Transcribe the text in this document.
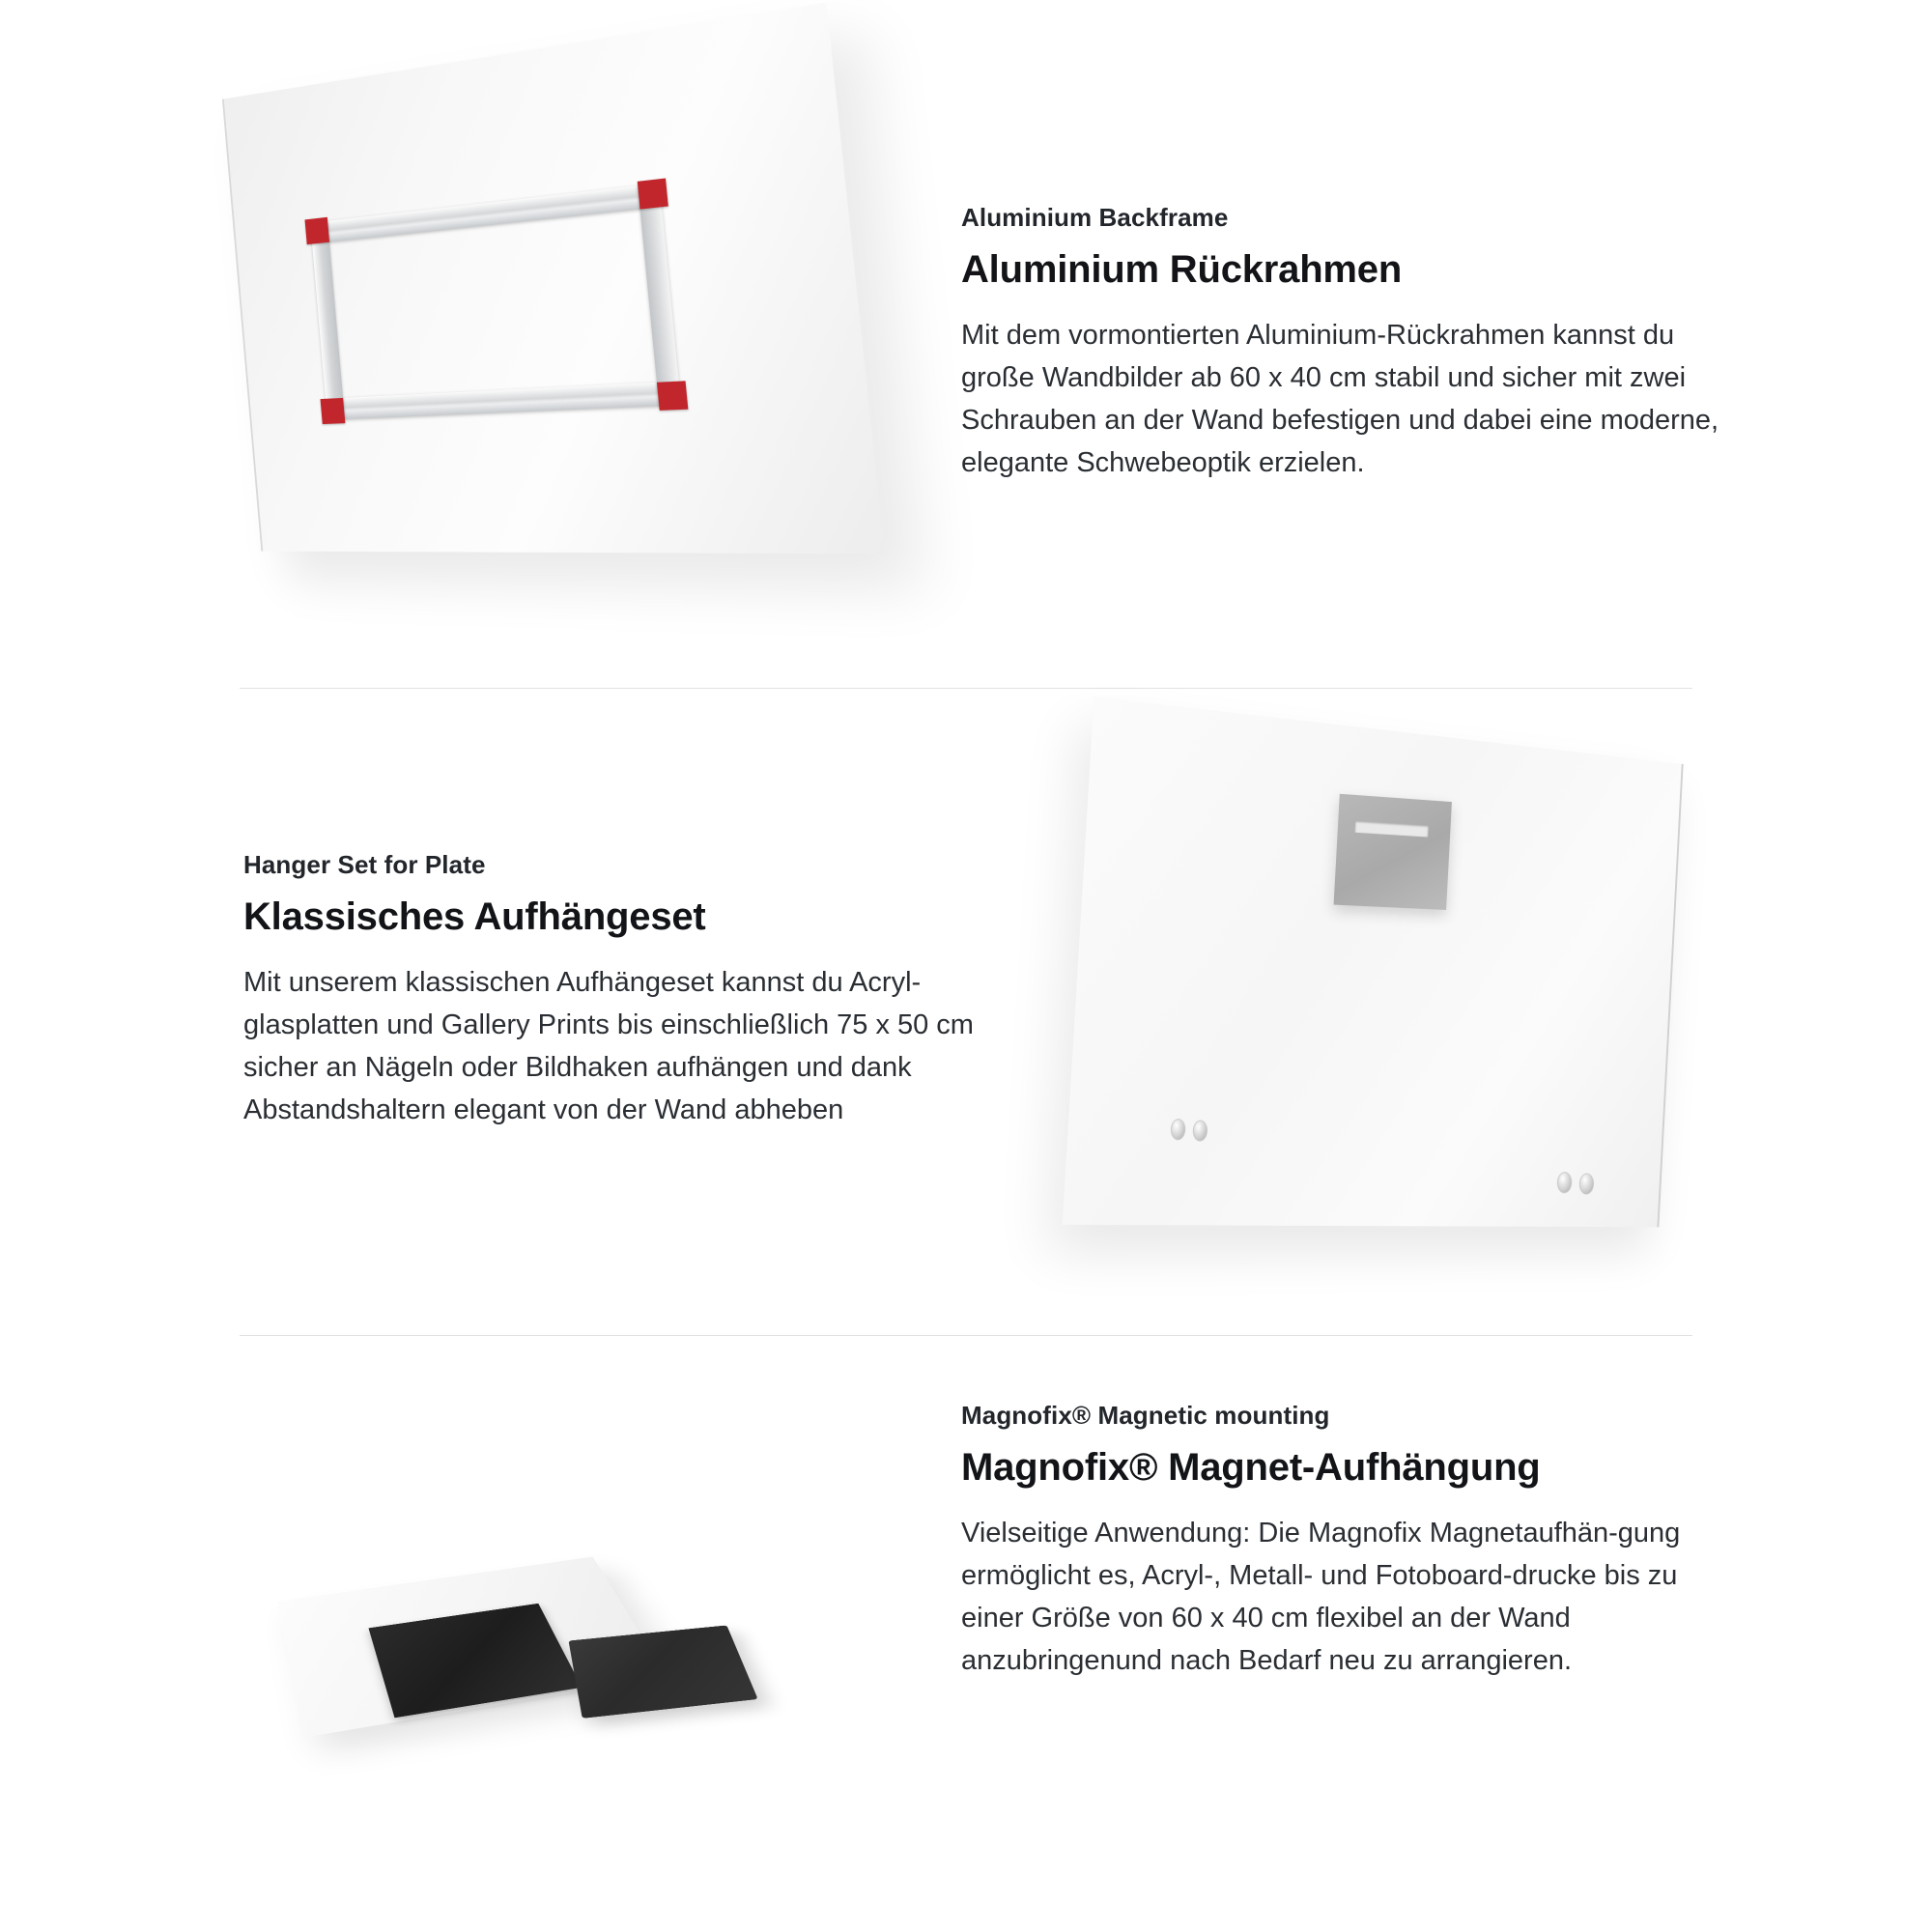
Aluminium Backframe

Aluminium Rückrahmen

Mit dem vormontierten Aluminium-Rückrahmen kannst du große Wandbilder ab 60 x 40 cm stabil und sicher mit zwei Schrauben an der Wand befestigen und dabei eine moderne, elegante Schwebeoptik erzielen.

Hanger Set for Plate

Klassisches Aufhängeset

Mit unserem klassischen Aufhängeset kannst du Acryl-glasplatten und Gallery Prints bis einschließlich 75 x 50 cm sicher an Nägeln oder Bildhaken aufhängen und dank Abstandshaltern elegant von der Wand abheben

Magnofix® Magnetic mounting

Magnofix® Magnet-Aufhängung

Vielseitige Anwendung: Die Magnofix Magnetaufhän-gung ermöglicht es, Acryl-, Metall- und Fotoboard-drucke bis zu einer Größe von 60 x 40 cm flexibel an der Wand anzubringenund nach Bedarf neu zu arrangieren.
